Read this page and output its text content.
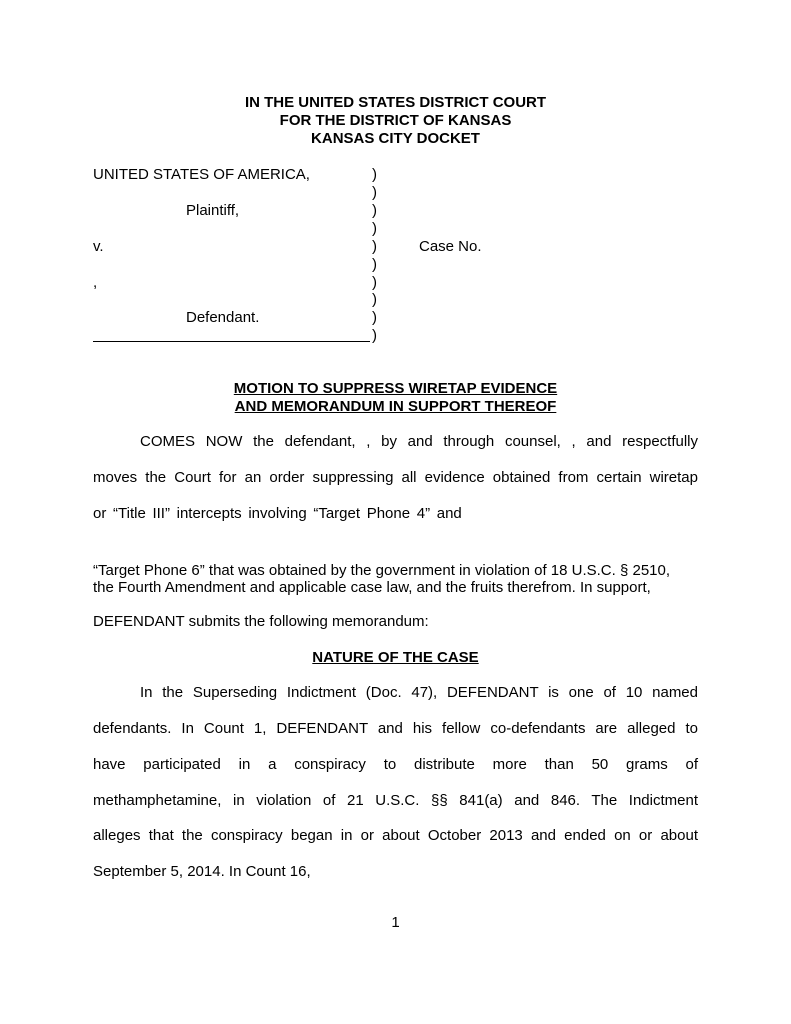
IN THE UNITED STATES DISTRICT COURT
FOR THE DISTRICT OF KANSAS
KANSAS CITY DOCKET
UNITED STATES OF AMERICA,
Plaintiff,
v.	Case No.
,
Defendant.
)
)
)
)
)
)
)
)
)
)
MOTION TO SUPPRESS WIRETAP EVIDENCE
AND MEMORANDUM IN SUPPORT THEREOF
COMES NOW the defendant, , by and through counsel, , and respectfully
moves the Court for an order suppressing all evidence obtained from certain wiretap
or “Title III” intercepts involving “Target Phone 4” and
“Target Phone 6” that was obtained by the government in violation of 18 U.S.C. § 2510,
the Fourth Amendment and applicable case law, and the fruits therefrom. In support,
DEFENDANT submits the following memorandum:
NATURE OF THE CASE
In the Superseding Indictment (Doc. 47), DEFENDANT is one of 10 named
defendants. In Count 1, DEFENDANT and his fellow co-defendants are alleged to
have participated in a conspiracy to distribute more than 50 grams of
methamphetamine, in violation of 21 U.S.C. §§ 841(a) and 846. The Indictment
alleges that the conspiracy began in or about October 2013 and ended on or about
September 5, 2014. In Count 16,
1
